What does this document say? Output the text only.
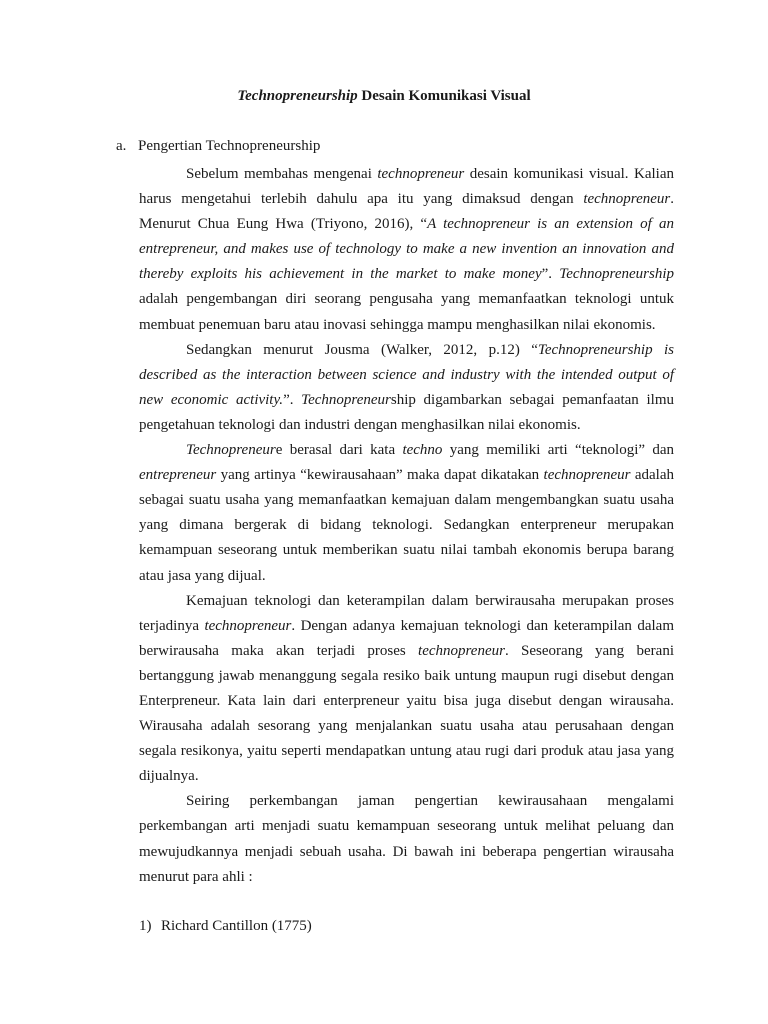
Technopreneurship Desain Komunikasi Visual
a. Pengertian Technopreneurship

Sebelum membahas mengenai technopreneur desain komunikasi visual. Kalian harus mengetahui terlebih dahulu apa itu yang dimaksud dengan technopreneur. Menurut Chua Eung Hwa (Triyono, 2016), “A technopreneur is an extension of an entrepreneur, and makes use of technology to make a new invention an innovation and thereby exploits his achievement in the market to make money”. Technopreneurship adalah pengembangan diri seorang pengusaha yang memanfaatkan teknologi untuk membuat penemuan baru atau inovasi sehingga mampu menghasilkan nilai ekonomis.

Sedangkan menurut Jousma (Walker, 2012, p.12) “Technopreneurship is described as the interaction between science and industry with the intended output of new economic activity.”. Technopreneurship digambarkan sebagai pemanfaatan ilmu pengetahuan teknologi dan industri dengan menghasilkan nilai ekonomis.

Technopreneure berasal dari kata techno yang memiliki arti “teknologi” dan entrepreneur yang artinya “kewirausahaan” maka dapat dikatakan technopreneur adalah sebagai suatu usaha yang memanfaatkan kemajuan dalam mengembangkan suatu usaha yang dimana bergerak di bidang teknologi. Sedangkan enterpreneur merupakan kemampuan seseorang untuk memberikan suatu nilai tambah ekonomis berupa barang atau jasa yang dijual.

Kemajuan teknologi dan keterampilan dalam berwirausaha merupakan proses terjadinya technopreneur. Dengan adanya kemajuan teknologi dan keterampilan dalam berwirausaha maka akan terjadi proses technopreneur. Seseorang yang berani bertanggung jawab menanggung segala resiko baik untung maupun rugi disebut dengan Enterpreneur. Kata lain dari enterpreneur yaitu bisa juga disebut dengan wirausaha. Wirausaha adalah sesorang yang menjalankan suatu usaha atau perusahaan dengan segala resikonya, yaitu seperti mendapatkan untung atau rugi dari produk atau jasa yang dijualnya.

Seiring perkembangan jaman pengertian kewirausahaan mengalami perkembangan arti menjadi suatu kemampuan seseorang untuk melihat peluang dan mewujudkannya menjadi sebuah usaha. Di bawah ini beberapa pengertian wirausaha menurut para ahli :

1) Richard Cantillon (1775)
